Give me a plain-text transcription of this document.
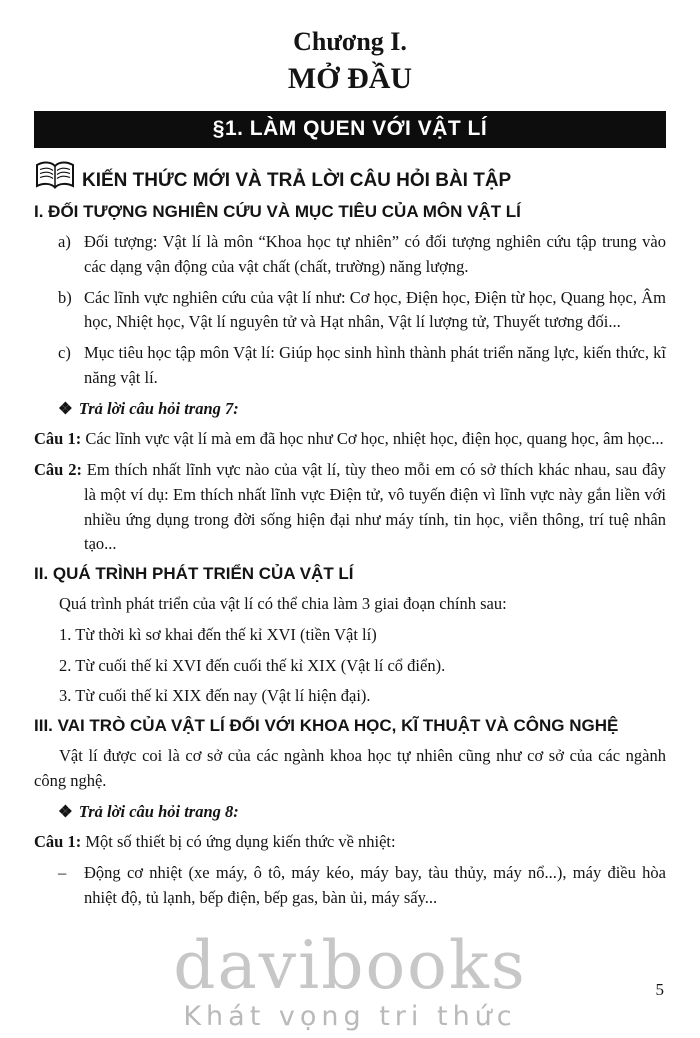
Chương I.
MỞ ĐẦU
§1. LÀM QUEN VỚI VẬT LÍ
KIẾN THỨC MỚI VÀ TRẢ LỜI CÂU HỎI BÀI TẬP
I. ĐỐI TƯỢNG NGHIÊN CỨU VÀ MỤC TIÊU CỦA MÔN VẬT LÍ
a) Đối tượng: Vật lí là môn “Khoa học tự nhiên” có đối tượng nghiên cứu tập trung vào các dạng vận động của vật chất (chất, trường) năng lượng.
b) Các lĩnh vực nghiên cứu của vật lí như: Cơ học, Điện học, Điện từ học, Quang học, Âm học, Nhiệt học, Vật lí nguyên tử và Hạt nhân, Vật lí lượng tử, Thuyết tương đối...
c) Mục tiêu học tập môn Vật lí: Giúp học sinh hình thành phát triển năng lực, kiến thức, kĩ năng vật lí.
❖ Trả lời câu hỏi trang 7:
Câu 1: Các lĩnh vực vật lí mà em đã học như Cơ học, nhiệt học, điện học, quang học, âm học...
Câu 2: Em thích nhất lĩnh vực nào của vật lí, tùy theo mỗi em có sở thích khác nhau, sau đây là một ví dụ: Em thích nhất lĩnh vực Điện tử, vô tuyến điện vì lĩnh vực này gắn liền với nhiều ứng dụng trong đời sống hiện đại như máy tính, tin học, viễn thông, trí tuệ nhân tạo...
II. QUÁ TRÌNH PHÁT TRIỂN CỦA VẬT LÍ
Quá trình phát triển của vật lí có thể chia làm 3 giai đoạn chính sau:
1. Từ thời kì sơ khai đến thế kỉ XVI (tiền Vật lí)
2. Từ cuối thế kỉ XVI đến cuối thế kỉ XIX (Vật lí cổ điển).
3. Từ cuối thế kỉ XIX đến nay (Vật lí hiện đại).
III. VAI TRÒ CỦA VẬT LÍ ĐỐI VỚI KHOA HỌC, KĨ THUẬT VÀ CÔNG NGHỆ
Vật lí được coi là cơ sở của các ngành khoa học tự nhiên cũng như cơ sở của các ngành công nghệ.
❖ Trả lời câu hỏi trang 8:
Câu 1: Một số thiết bị có ứng dụng kiến thức về nhiệt:
– Động cơ nhiệt (xe máy, ô tô, máy kéo, máy bay, tàu thủy, máy nổ...), máy điều hòa nhiệt độ, tủ lạnh, bếp điện, bếp gas, bàn ủi, máy sấy...
5
davibooks
Khát vọng tri thức
